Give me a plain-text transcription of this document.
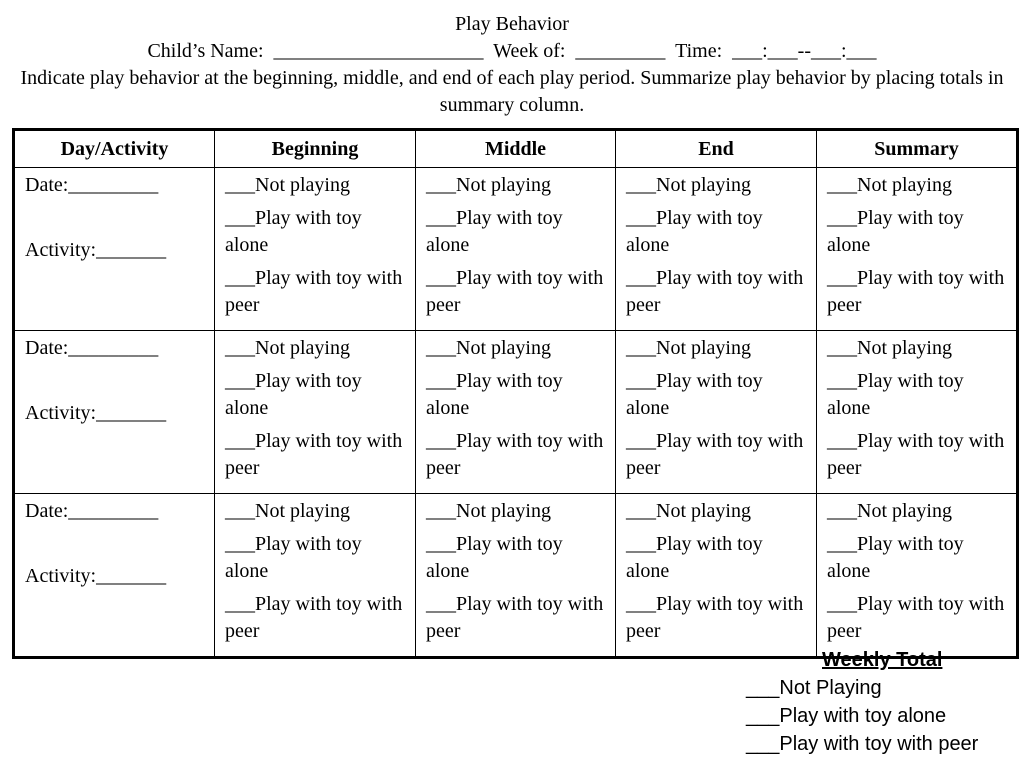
Play Behavior
Child’s Name:  _____________________  Week of:  _________  Time:  ___:___--___:___
Indicate play behavior at the beginning, middle, and end of each play period. Summarize play behavior by placing totals in summary column.
Day/Activity	Beginning	Middle	End	Summary

Date:_________
Activity:_______	___Not playing
___Play with toy alone
___Play with toy with peer	___Not playing
___Play with toy alone
___Play with toy with peer	___Not playing
___Play with toy alone
___Play with toy with peer	___Not playing
___Play with toy alone
___Play with toy with peer

Date:_________
Activity:_______	___Not playing
___Play with toy alone
___Play with toy with peer	___Not playing
___Play with toy alone
___Play with toy with peer	___Not playing
___Play with toy alone
___Play with toy with peer	___Not playing
___Play with toy alone
___Play with toy with peer

Date:_________
Activity:_______	___Not playing
___Play with toy alone
___Play with toy with peer	___Not playing
___Play with toy alone
___Play with toy with peer	___Not playing
___Play with toy alone
___Play with toy with peer	___Not playing
___Play with toy alone
___Play with toy with peer
Weekly Total
___Not Playing
___Play with toy alone
___Play with toy with peer
